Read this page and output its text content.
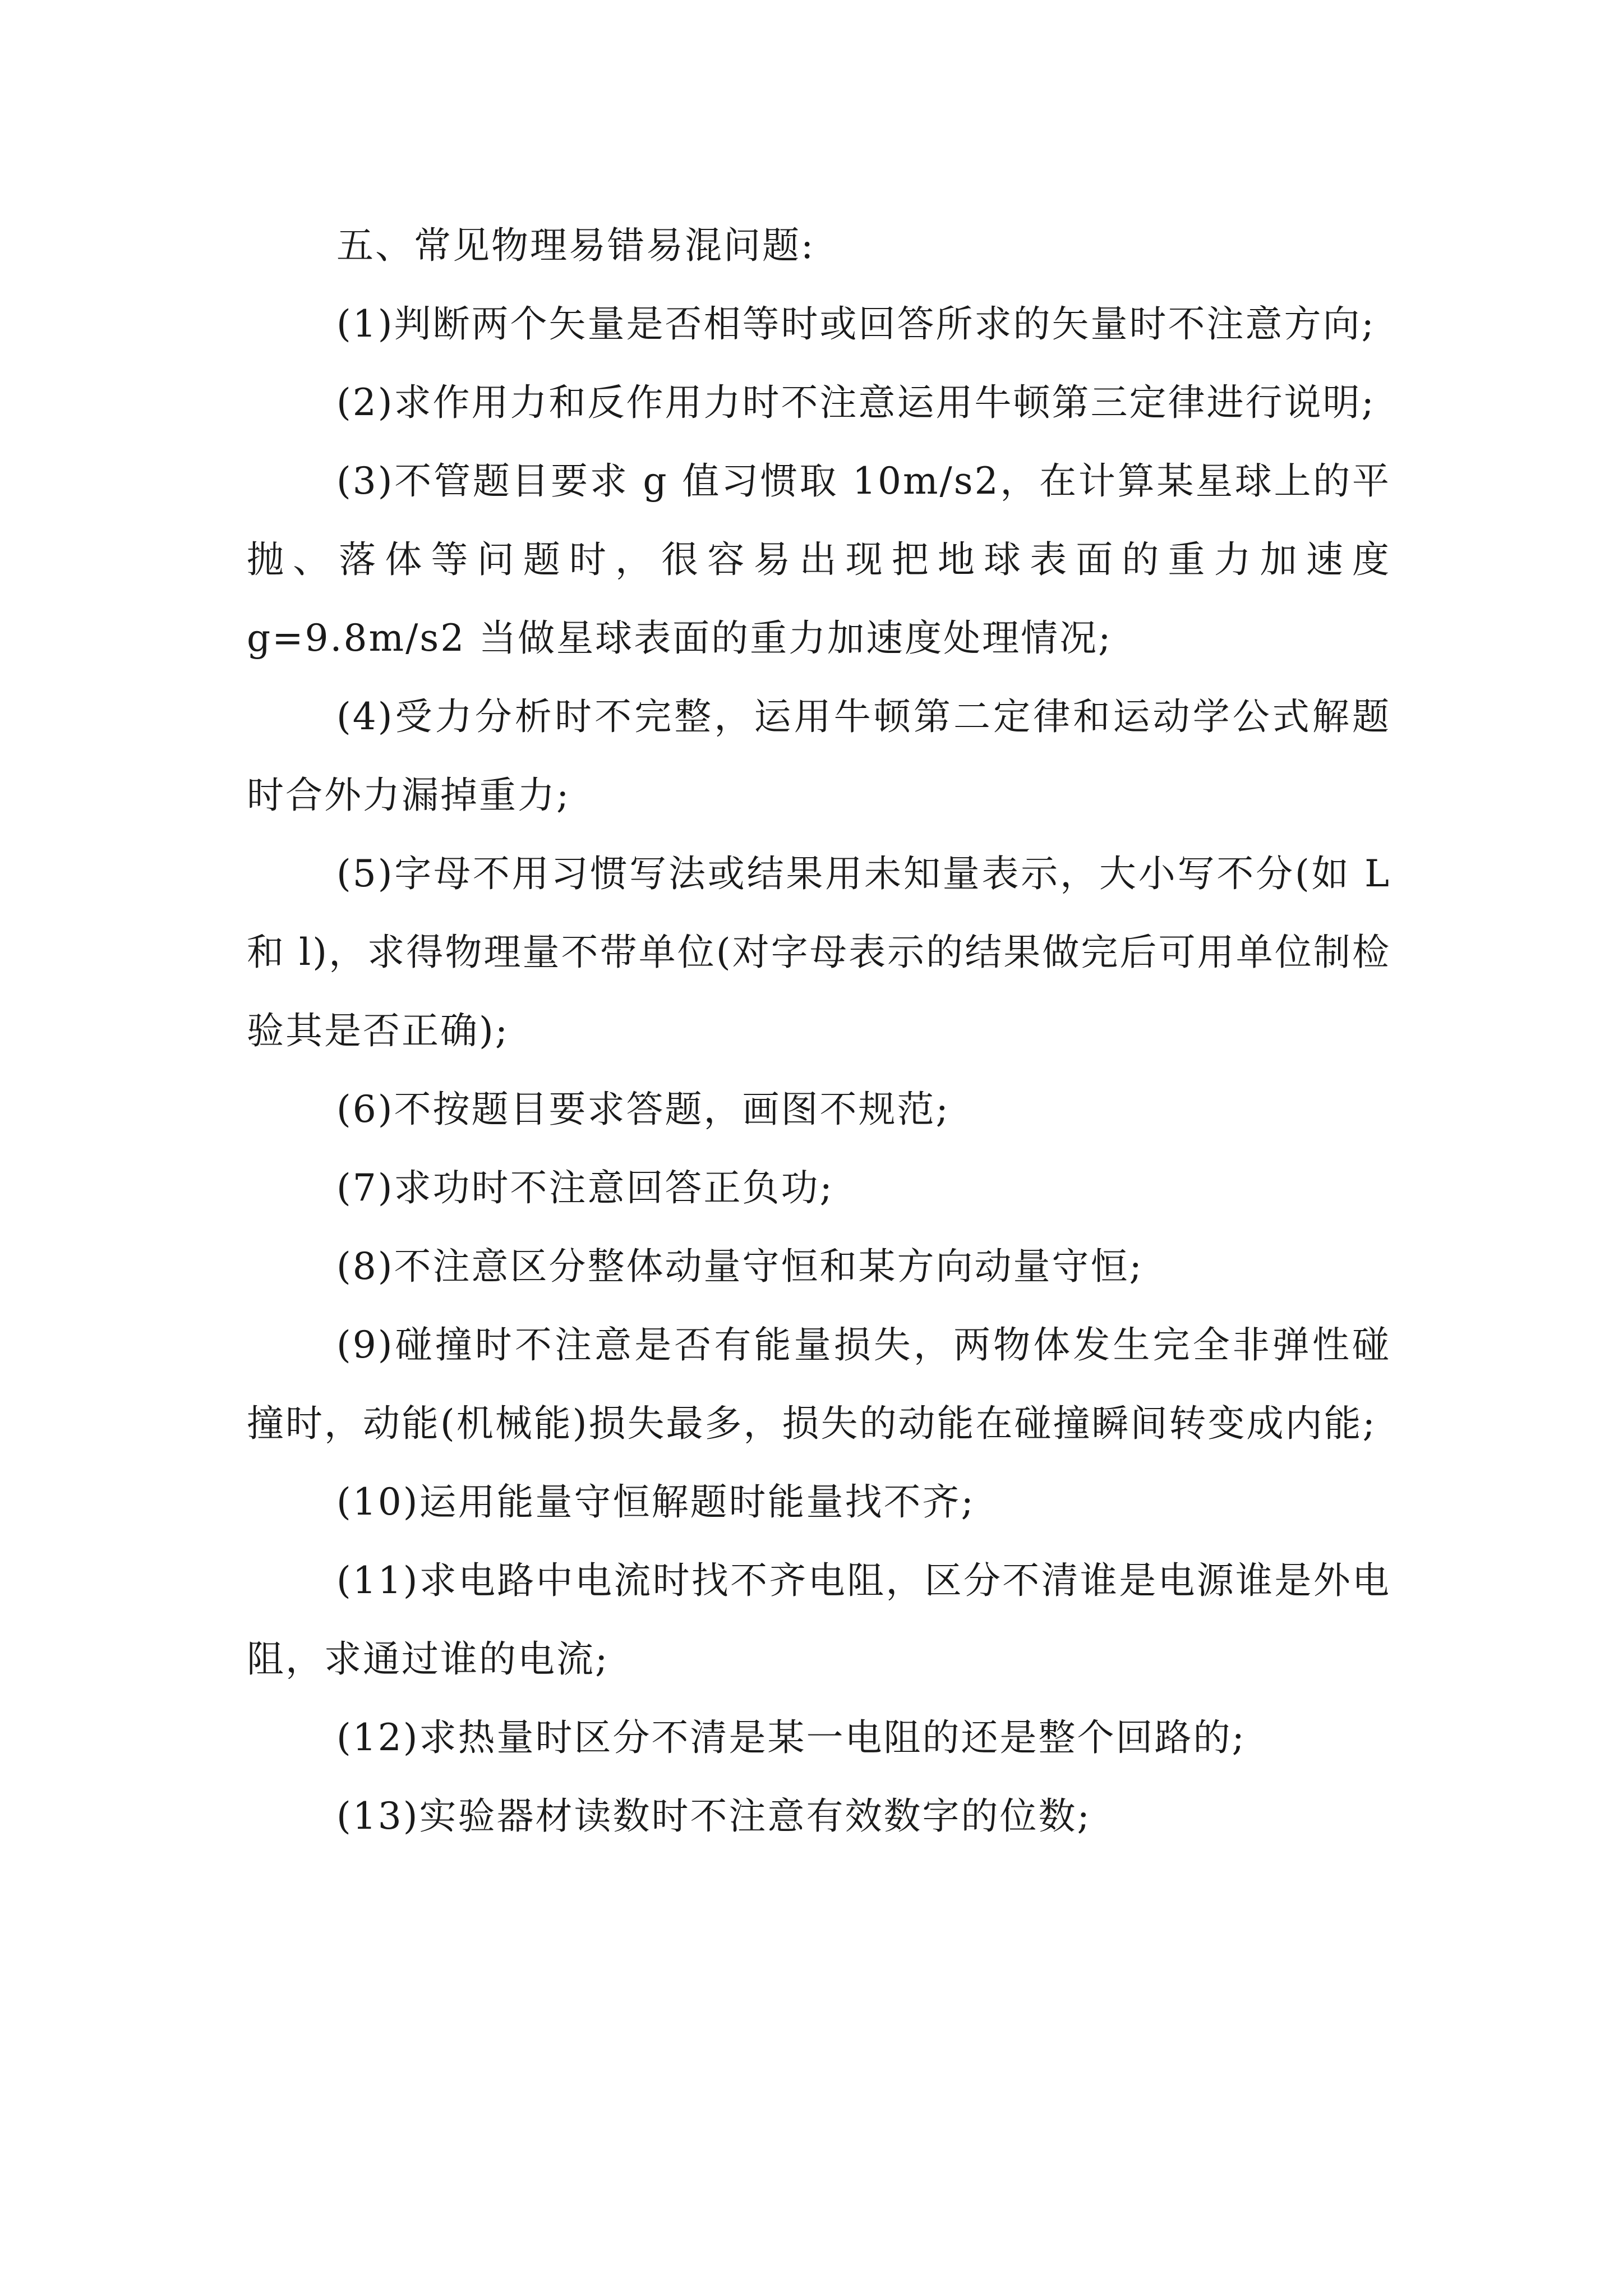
五、常见物理易错易混问题:

(1)判断两个矢量是否相等时或回答所求的矢量时不注意方向;

(2)求作用力和反作用力时不注意运用牛顿第三定律进行说明;

(3)不管题目要求 g 值习惯取 10m/s2，在计算某星球上的平抛、落体等问题时，很容易出现把地球表面的重力加速度 g=9.8m/s2 当做星球表面的重力加速度处理情况;

(4)受力分析时不完整，运用牛顿第二定律和运动学公式解题时合外力漏掉重力;

(5)字母不用习惯写法或结果用未知量表示，大小写不分(如 L 和 l)，求得物理量不带单位(对字母表示的结果做完后可用单位制检验其是否正确);

(6)不按题目要求答题，画图不规范;

(7)求功时不注意回答正负功;

(8)不注意区分整体动量守恒和某方向动量守恒;

(9)碰撞时不注意是否有能量损失，两物体发生完全非弹性碰撞时，动能(机械能)损失最多，损失的动能在碰撞瞬间转变成内能;

(10)运用能量守恒解题时能量找不齐;

(11)求电路中电流时找不齐电阻，区分不清谁是电源谁是外电阻，求通过谁的电流;

(12)求热量时区分不清是某一电阻的还是整个回路的;

(13)实验器材读数时不注意有效数字的位数;
